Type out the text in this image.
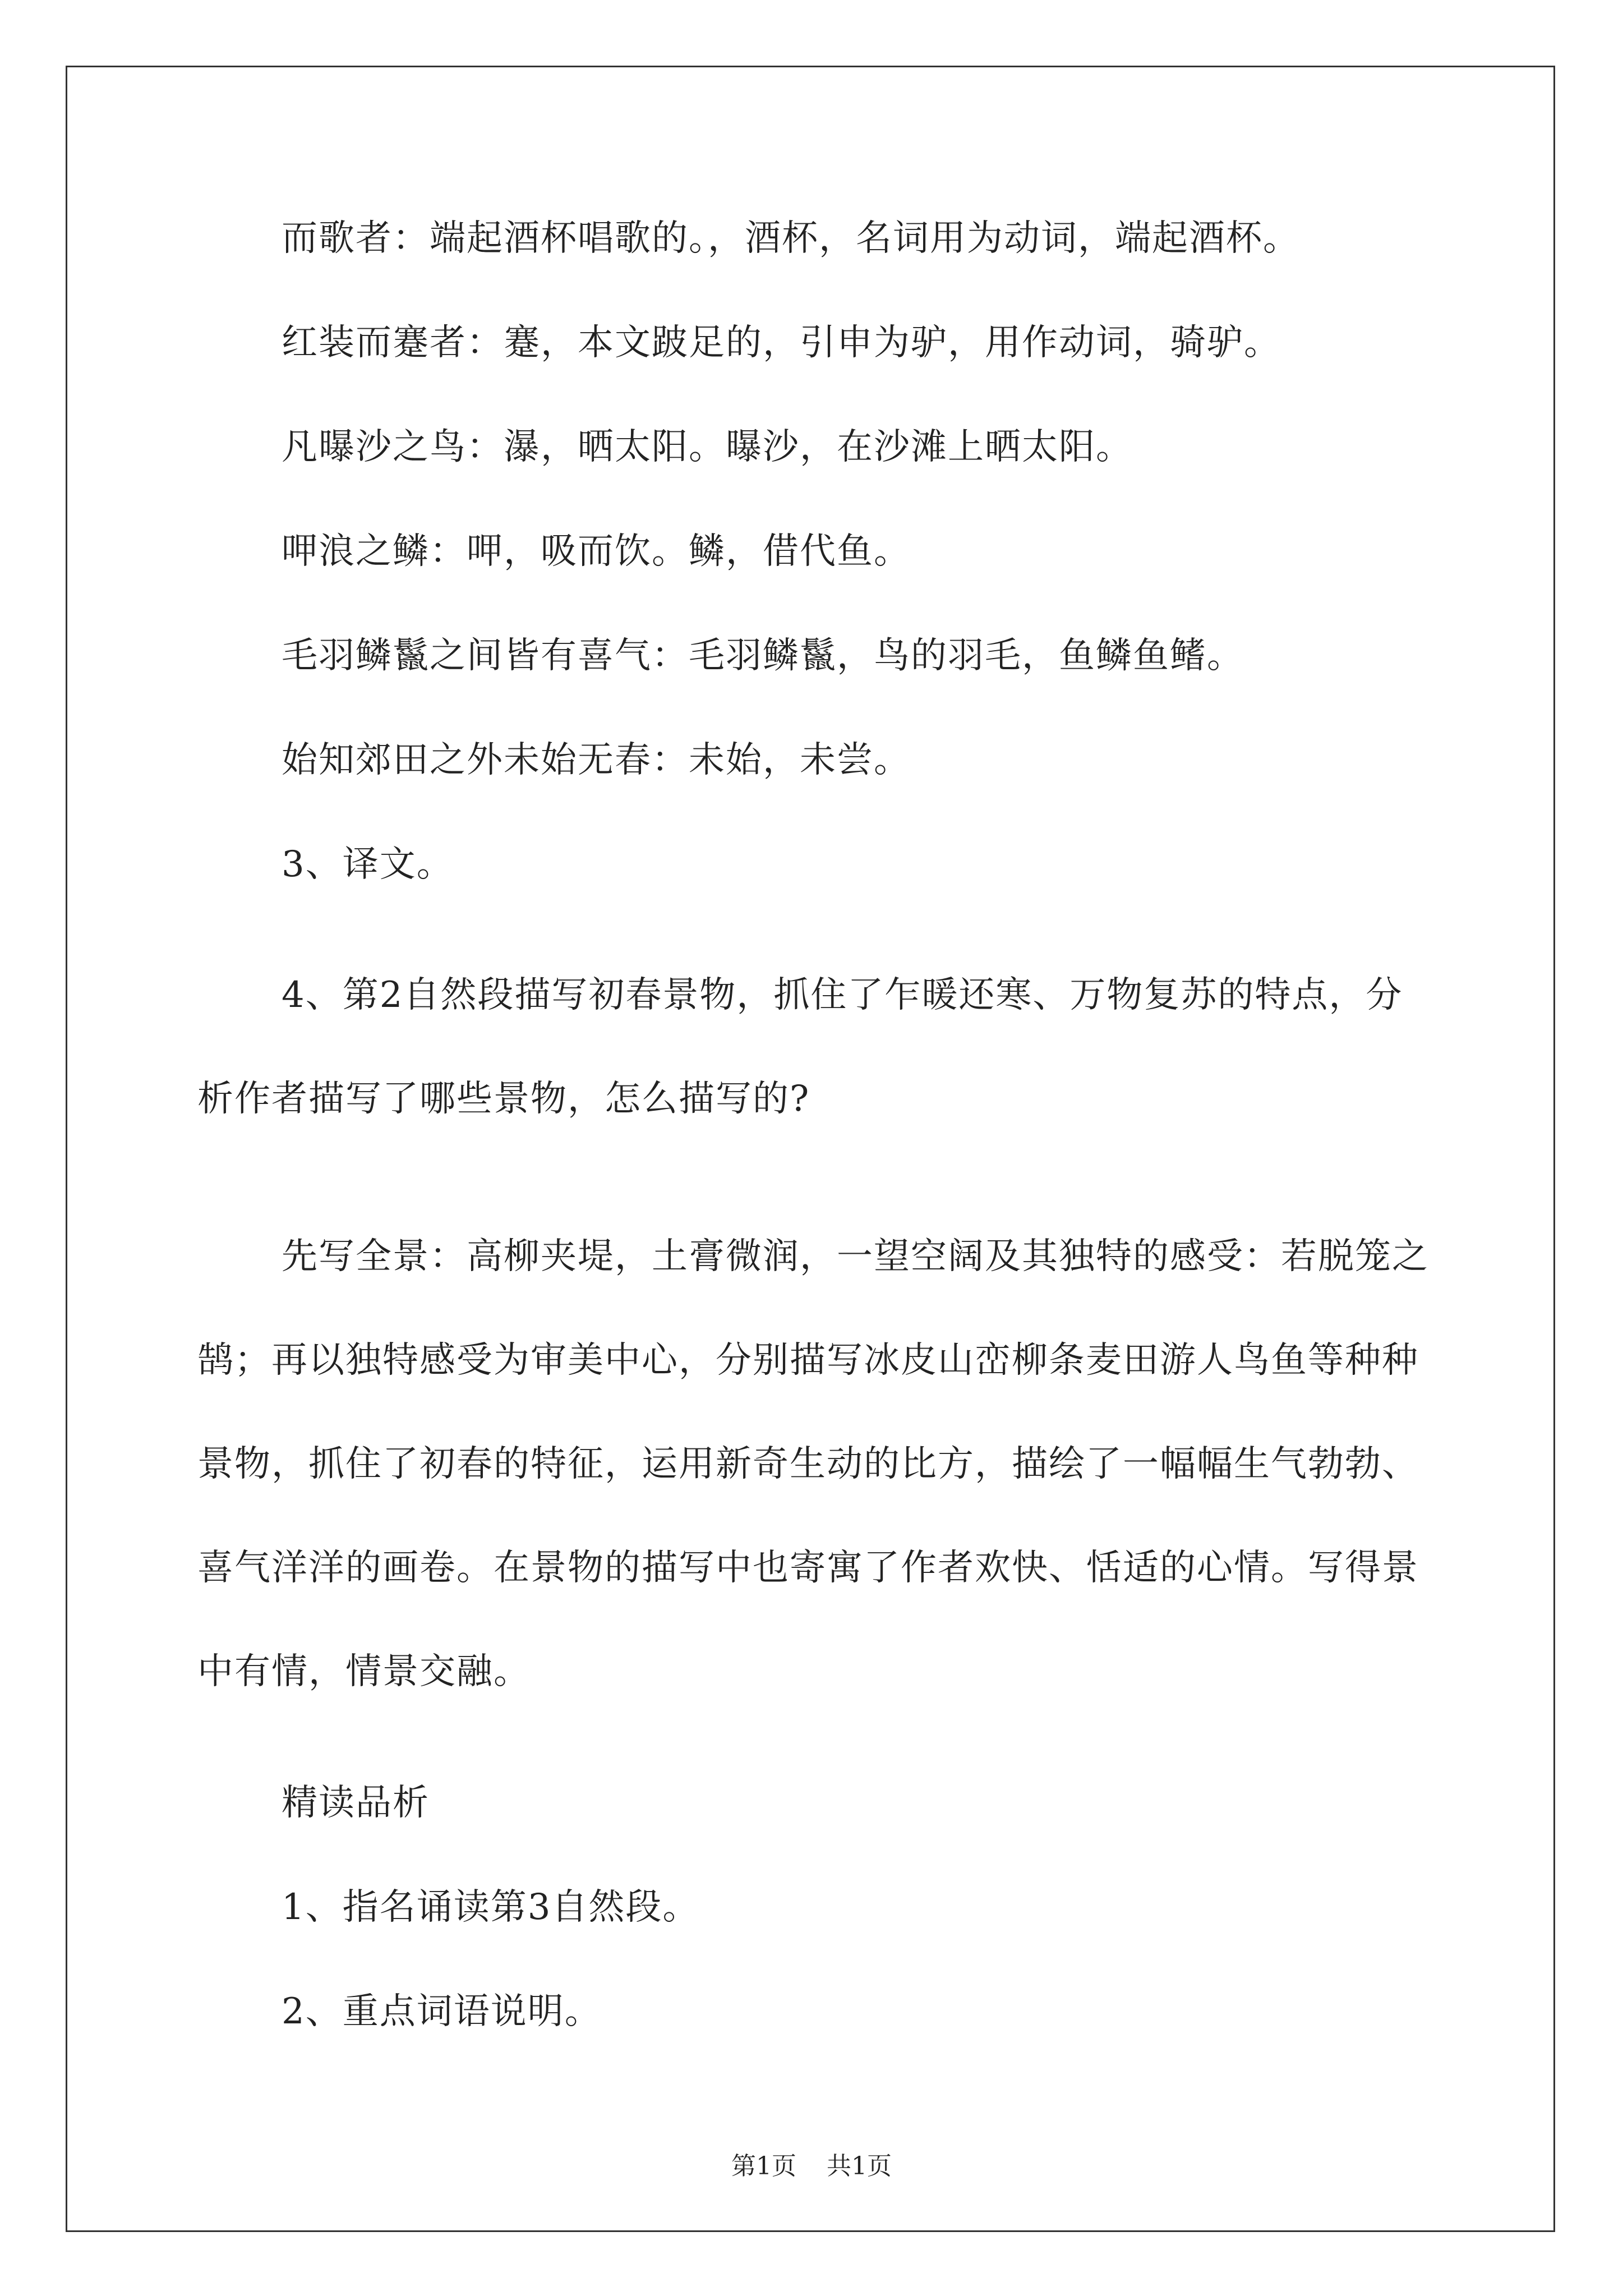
而歌者：端起酒杯唱歌的。，酒杯，名词用为动词，端起酒杯。

红装而蹇者：蹇，本文跛足的，引申为驴，用作动词，骑驴。

凡曝沙之鸟：瀑，晒太阳。曝沙，在沙滩上晒太阳。

呷浪之鳞：呷，吸而饮。鳞，借代鱼。

毛羽鳞鬣之间皆有喜气：毛羽鳞鬣，鸟的羽毛，鱼鳞鱼鳍。

始知郊田之外未始无春：未始，未尝。

3、译文。

4、第2自然段描写初春景物，抓住了乍暖还寒、万物复苏的特点，分析作者描写了哪些景物，怎么描写的?

先写全景：高柳夹堤，土膏微润，一望空阔及其独特的感受：若脱笼之鹄；再以独特感受为审美中心，分别描写冰皮山峦柳条麦田游人鸟鱼等种种景物，抓住了初春的特征，运用新奇生动的比方，描绘了一幅幅生气勃勃、喜气洋洋的画卷。在景物的描写中也寄寓了作者欢快、恬适的心情。写得景中有情，情景交融。

精读品析

1、指名诵读第3自然段。

2、重点词语说明。

第1页 共1页
